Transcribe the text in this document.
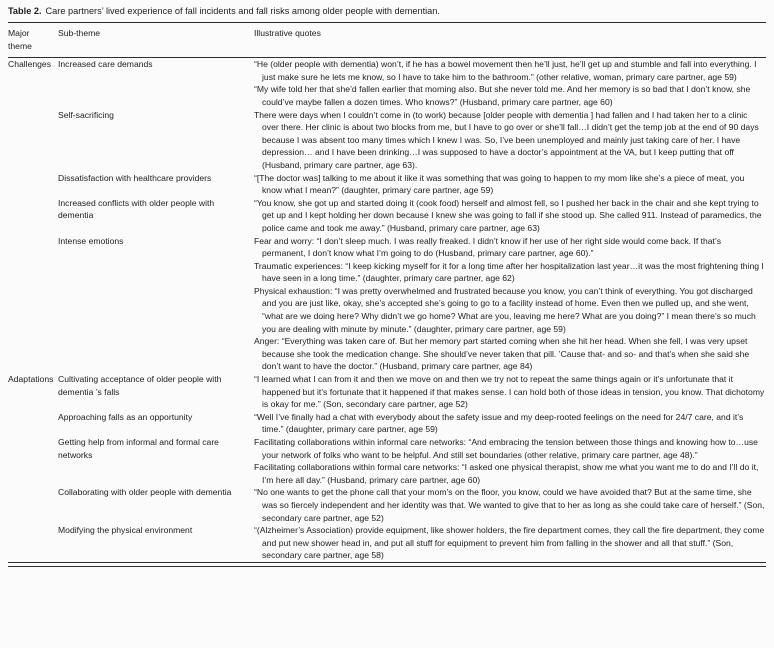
Table 2. Care partners’ lived experience of fall incidents and fall risks among older people with dementian.
Major theme	Sub-theme	Illustrative quotes
Challenges	Increased care demands	“He (older people with dementia) won’t, if he has a bowel movement then he’ll just, he’ll get up and stumble and fall into everything. I just make sure he lets me know, so I have to take him to the bathroom.” (other relative, woman, primary care partner, age 59)

“My wife told her that she’d fallen earlier that morning also. But she never told me. And her memory is so bad that I don’t know, she could’ve maybe fallen a dozen times. Who knows?” (Husband, primary care partner, age 60)

	Self-sacrificing	There were days when I couldn’t come in (to work) because [older people with dementia ] had fallen and I had taken her to a clinic over there. Her clinic is about two blocks from me, but I have to go over or she’ll fall…I didn’t get the temp job at the end of 90 days because I was absent too many times which I knew I was. So, I’ve been unemployed and mainly just taking care of her. I have depression… and I have been drinking…I was supposed to have a doctor’s appointment at the VA, but I keep putting that off (Husband, primary care partner, age 63).

	Dissatisfaction with healthcare providers	“[The doctor was] talking to me about it like it was something that was going to happen to my mom like she’s a piece of meat, you know what I mean?” (daughter, primary care partner, age 59)

	Increased conflicts with older people with dementia	“You know, she got up and started doing it (cook food) herself and almost fell, so I pushed her back in the chair and she kept trying to get up and I kept holding her down because I knew she was going to fall if she stood up. She called 911. Instead of paramedics, the police came and took me away.” (Husband, primary care partner, age 63)

	Intense emotions	Fear and worry: “I don’t sleep much. I was really freaked. I didn’t know if her use of her right side would come back. If that’s permanent, I don’t know what I’m going to do (Husband, primary care partner, age 60).”

Traumatic experiences: “I keep kicking myself for it for a long time after her hospitalization last year…it was the most frightening thing I have seen in a long time.” (daughter, primary care partner, age 62)

Physical exhaustion: “I was pretty overwhelmed and frustrated because you know, you can’t think of everything. You got discharged and you are just like, okay, she’s accepted she’s going to go to a facility instead of home. Even then we pulled up, and she went, “what are we doing here? Why didn’t we go home? What are you, leaving me here? What are you doing?” I mean there’s so much you are dealing with minute by minute.” (daughter, primary care partner, age 59)

Anger: “Everything was taken care of. But her memory part started coming when she hit her head. When she fell, I was very upset because she took the medication change. She should’ve never taken that pill. ’Cause that- and so- and that’s when she said she don’t want to have the doctor.” (Husband, primary care partner, age 84)

Adaptations	Cultivating acceptance of older people with dementia ’s falls	“I learned what I can from it and then we move on and then we try not to repeat the same things again or it’s unfortunate that it happened but it’s fortunate that it happened if that makes sense. I can hold both of those ideas in tension, you know. That dichotomy is okay for me.” (Son, secondary care partner, age 52)

	Approaching falls as an opportunity	“Well I’ve finally had a chat with everybody about the safety issue and my deep-rooted feelings on the need for 24/7 care, and it’s time.” (daughter, primary care partner, age 59)

	Getting help from informal and formal care networks	Facilitating collaborations within informal care networks: “And embracing the tension between those things and knowing how to…use your network of folks who want to be helpful. And still set boundaries (other relative, primary care partner, age 48).”

Facilitating collaborations within formal care networks: “I asked one physical therapist, show me what you want me to do and I’ll do it, I’m here all day.” (Husband, primary care partner, age 60)

	Collaborating with older people with dementia	“No one wants to get the phone call that your mom’s on the floor, you know, could we have avoided that? But at the same time, she was so fiercely independent and her identity was that. We wanted to give that to her as long as she could take care of herself.” (Son, secondary care partner, age 52)

	Modifying the physical environment	“(Alzheimer’s Association) provide equipment, like shower holders, the fire department comes, they call the fire department, they come and put new shower head in, and put all stuff for equipment to prevent him from falling in the shower and all that stuff.” (Son, secondary care partner, age 58)
